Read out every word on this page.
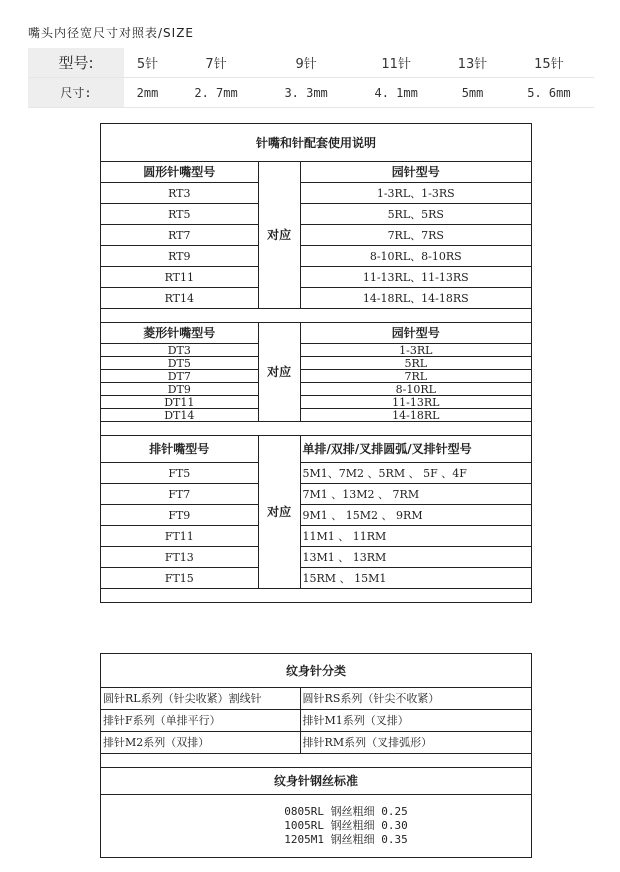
嘴头内径宽尺寸对照表/SIZE
型号:	5针	7针	9针	11针	13针	15针
尺寸:	2mm	2. 7mm	3. 3mm	4. 1mm	5mm	5. 6mm
针嘴和针配套使用说明		
圆形针嘴型号	对应	园针型号
RT3		1-3RL、1-3RS
RT5		5RL、5RS
RT7		7RL、7RS
RT9		8-10RL、8-10RS
RT11		11-13RL、11-13RS
RT14		14-18RL、14-18RS

菱形针嘴型号	对应	园针型号
DT3		1-3RL
DT5		5RL
DT7		7RL
DT9		8-10RL
DT11		11-13RL
DT14		14-18RL

排针嘴型号	对应	单排/双排/叉排圆弧/叉排针型号
FT5		5M1、7M2 、5RM 、 5F 、4F
FT7		7M1 、13M2 、 7RM
FT9		9M1 、 15M2 、 9RM
FT11		11M1 、 11RM
FT13		13M1 、 13RM
FT15		15RM 、 15M1

纹身针分类	
圆针RL系列（针尖收紧）割线针	圆针RS系列（针尖不收紧）
排针F系列（单排平行）	排针M1系列（叉排）
排针M2系列（双排）	排针RM系列（叉排弧形）

纹身针钢丝标准	

0805RL 钢丝粗细 0.25
1005RL 钢丝粗细 0.30
1205M1 钢丝粗细 0.35	
